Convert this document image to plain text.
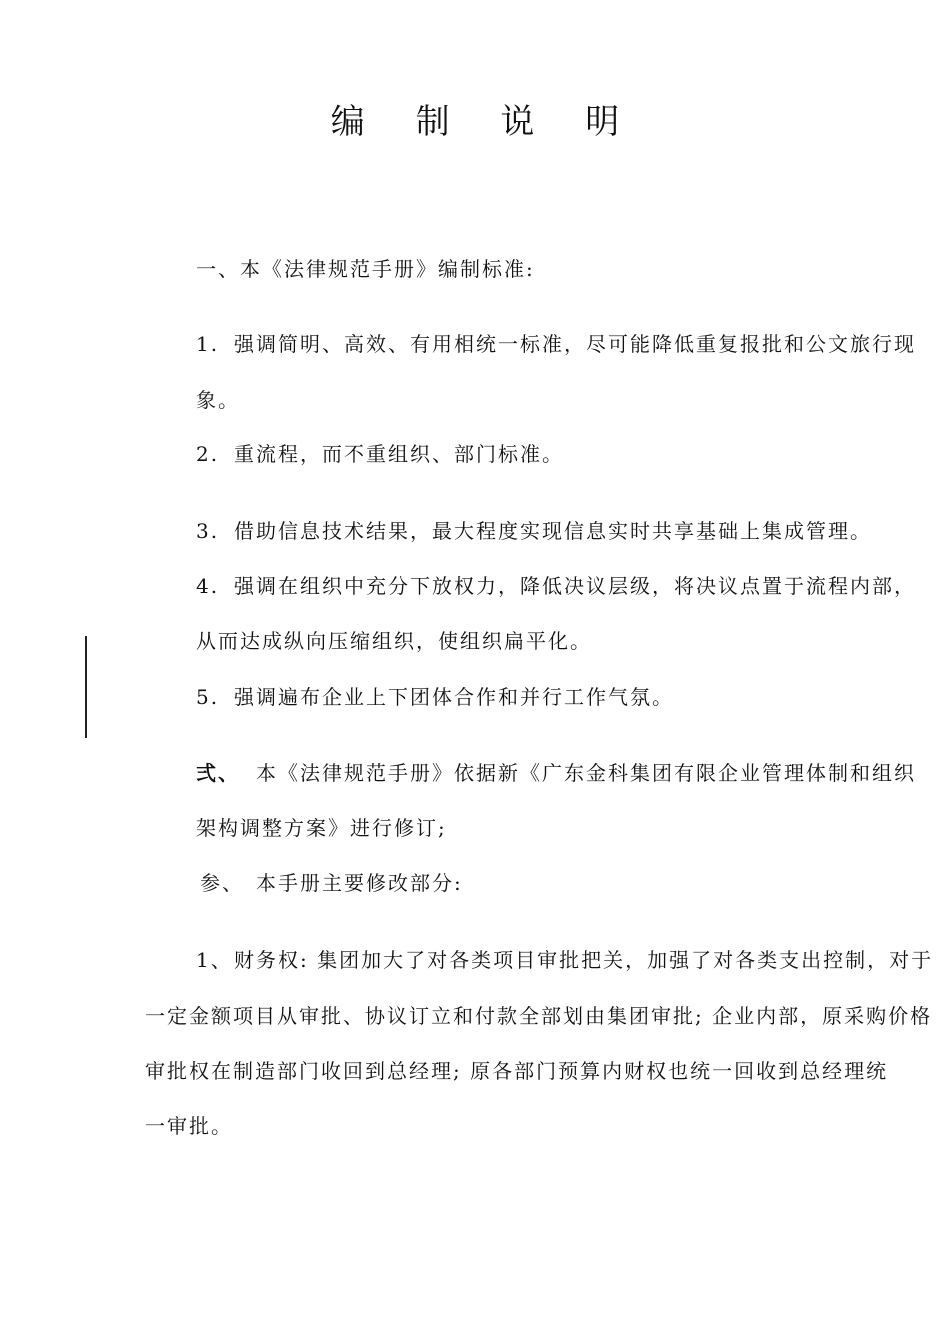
编 制 说 明
一、本《法律规范手册》编制标准:
1. 强调简明、高效、有用相统一标准，尽可能降低重复报批和公文旅行现
象。
2. 重流程，而不重组织、部门标准。
3. 借助信息技术结果，最大程度实现信息实时共享基础上集成管理。
4. 强调在组织中充分下放权力，降低决议层级，将决议点置于流程内部，
从而达成纵向压缩组织，使组织扁平化。
5. 强调遍布企业上下团体合作和并行工作气氛。
弍、 本《法律规范手册》依据新《广东金科集团有限企业管理体制和组织
架构调整方案》进行修订;
参、 本手册主要修改部分:
1、财务权: 集团加大了对各类项目审批把关，加强了对各类支出控制，对于
一定金额项目从审批、协议订立和付款全部划由集团审批; 企业内部，原采购价格
审批权在制造部门收回到总经理; 原各部门预算内财权也统一回收到总经理统
一审批。
